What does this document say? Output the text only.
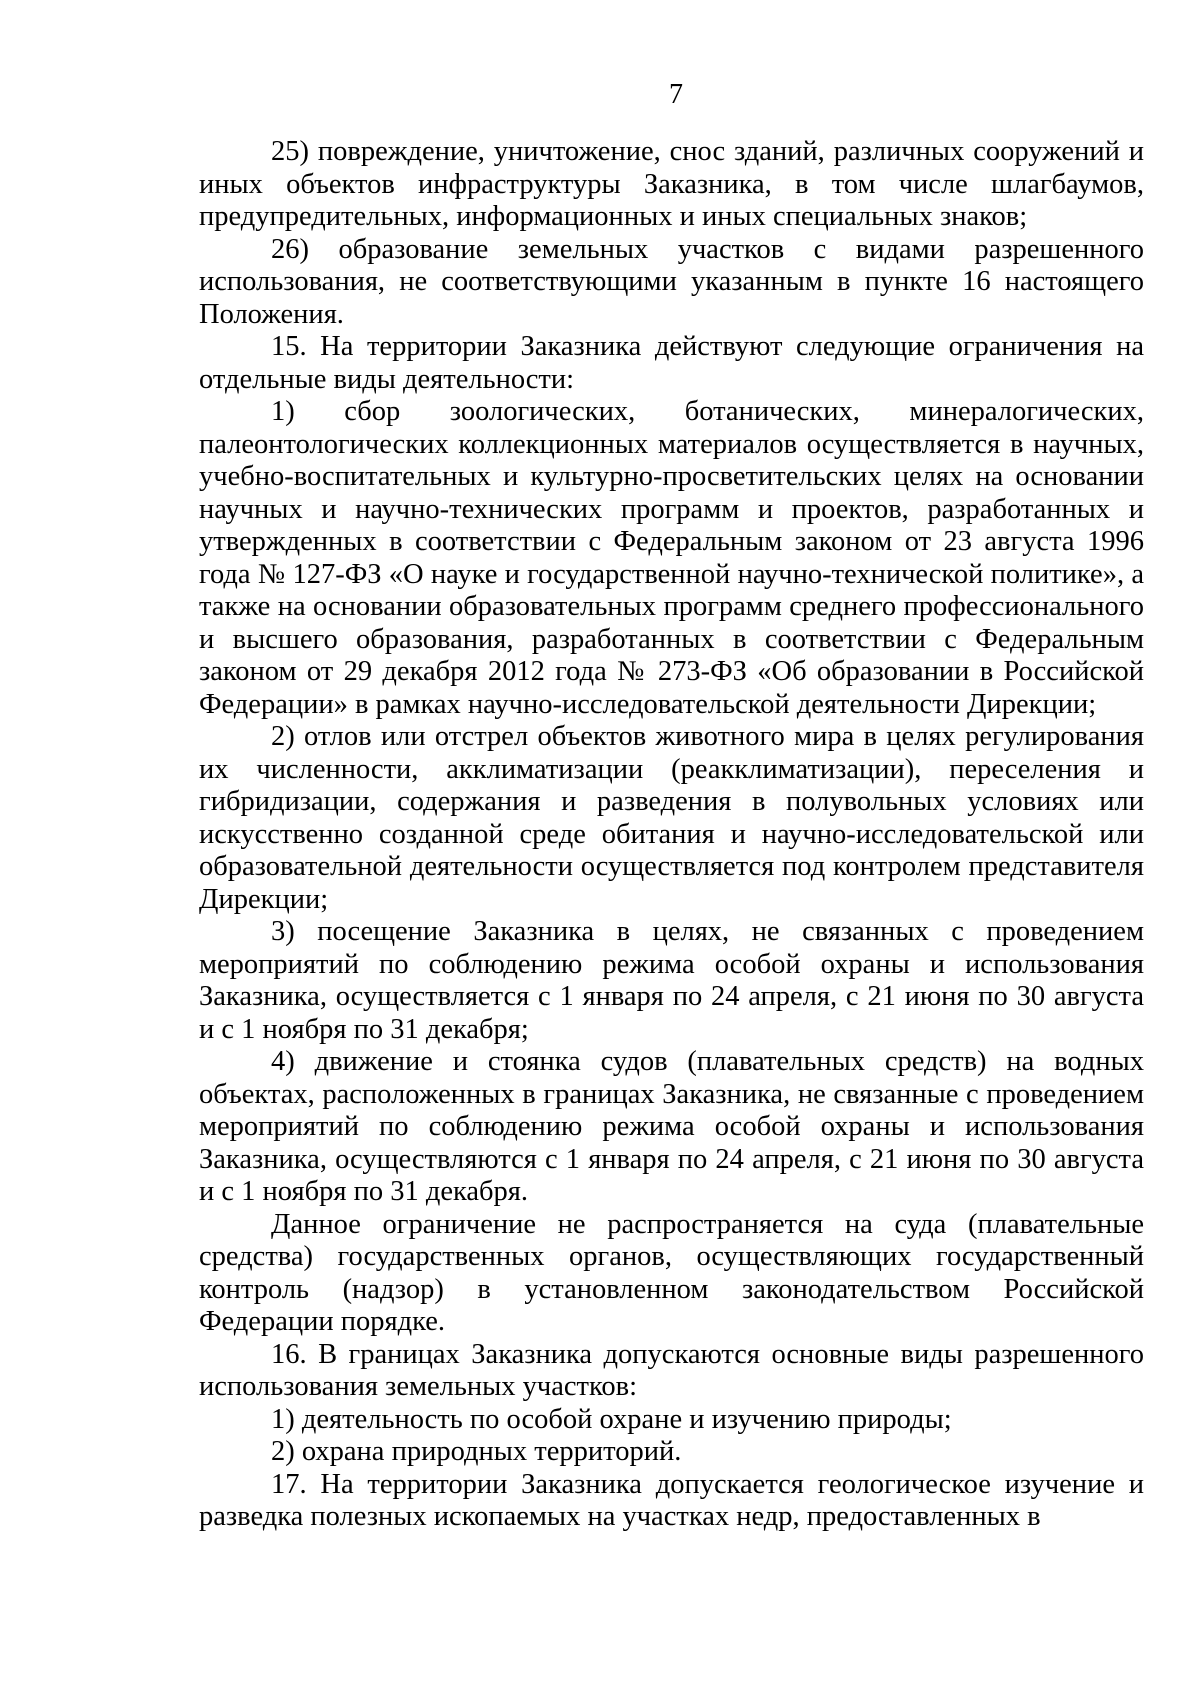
7

25) повреждение, уничтожение, снос зданий, различных сооружений и иных объектов инфраструктуры Заказника, в том числе шлагбаумов, предупредительных, информационных и иных специальных знаков;

26) образование земельных участков с видами разрешенного использования, не соответствующими указанным в пункте 16 настоящего Положения.

15. На территории Заказника действуют следующие ограничения на отдельные виды деятельности:

1) сбор зоологических, ботанических, минералогических, палеонтологических коллекционных материалов осуществляется в научных, учебно-воспитательных и культурно-просветительских целях на основании научных и научно-технических программ и проектов, разработанных и утвержденных в соответствии с Федеральным законом от 23 августа 1996 года № 127-ФЗ «О науке и государственной научно-технической политике», а также на основании образовательных программ среднего профессионального и высшего образования, разработанных в соответствии с Федеральным законом от 29 декабря 2012 года № 273-ФЗ «Об образовании в Российской Федерации» в рамках научно-исследовательской деятельности Дирекции;

2) отлов или отстрел объектов животного мира в целях регулирования их численности, акклиматизации (реакклиматизации), переселения и гибридизации, содержания и разведения в полувольных условиях или искусственно созданной среде обитания и научно-исследовательской или образовательной деятельности осуществляется под контролем представителя Дирекции;

3) посещение Заказника в целях, не связанных с проведением мероприятий по соблюдению режима особой охраны и использования Заказника, осуществляется с 1 января по 24 апреля, с 21 июня по 30 августа и с 1 ноября по 31 декабря;

4) движение и стоянка судов (плавательных средств) на водных объектах, расположенных в границах Заказника, не связанные с проведением мероприятий по соблюдению режима особой охраны и использования Заказника, осуществляются с 1 января по 24 апреля, с 21 июня по 30 августа и с 1 ноября по 31 декабря.

Данное ограничение не распространяется на суда (плавательные средства) государственных органов, осуществляющих государственный контроль (надзор) в установленном законодательством Российской Федерации порядке.

16. В границах Заказника допускаются основные виды разрешенного использования земельных участков:

1) деятельность по особой охране и изучению природы;

2) охрана природных территорий.

17. На территории Заказника допускается геологическое изучение и разведка полезных ископаемых на участках недр, предоставленных в
